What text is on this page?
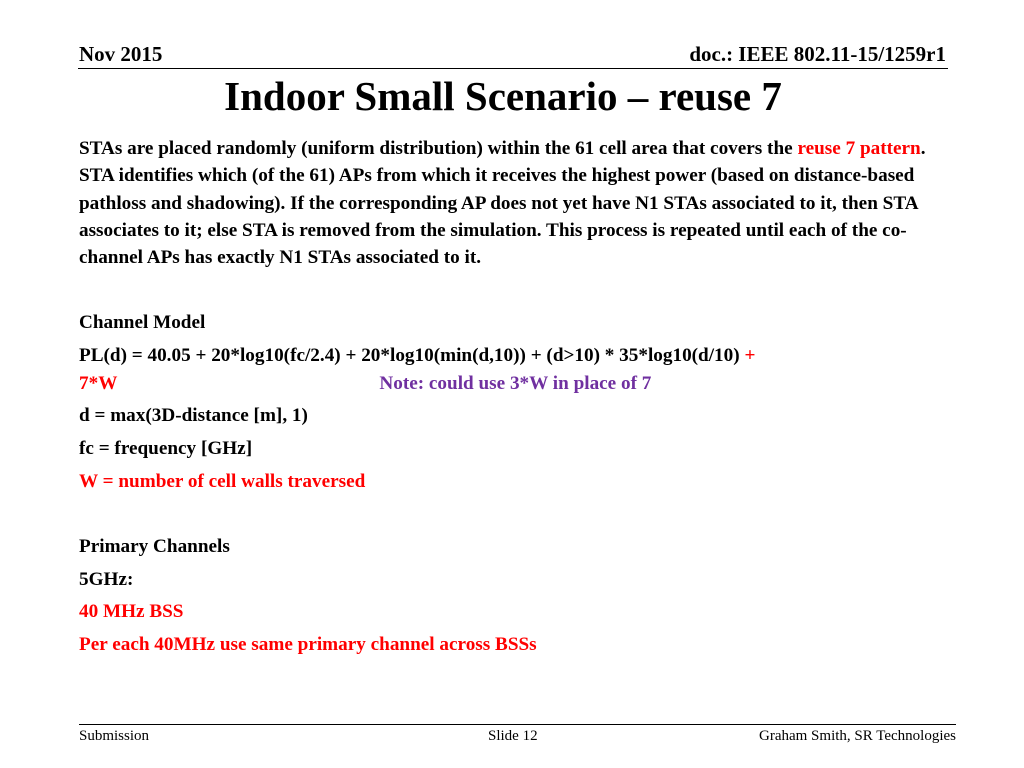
Nov 2015	doc.: IEEE 802.11-15/1259r1
Indoor Small Scenario – reuse 7

STAs are placed randomly (uniform distribution) within the 61 cell area that covers the reuse 7 pattern. STA identifies which (of the 61) APs from which it receives the highest power (based on distance-based pathloss and shadowing). If the corresponding AP does not yet have N1 STAs associated to it, then STA associates to it; else STA is removed from the simulation. This process is repeated until each of the co-channel APs has exactly N1 STAs associated to it.

Channel Model

PL(d) = 40.05 + 20*log10(fc/2.4) + 20*log10(min(d,10)) + (d>10) * 35*log10(d/10) +

7*W	Note: could use 3*W in place of 7

d = max(3D-distance [m], 1)

fc = frequency [GHz]

W = number of cell walls traversed

Primary Channels

5GHz:

40 MHz BSS

Per each 40MHz use same primary channel across BSSs

Submission	Slide 12	Graham Smith, SR Technologies
